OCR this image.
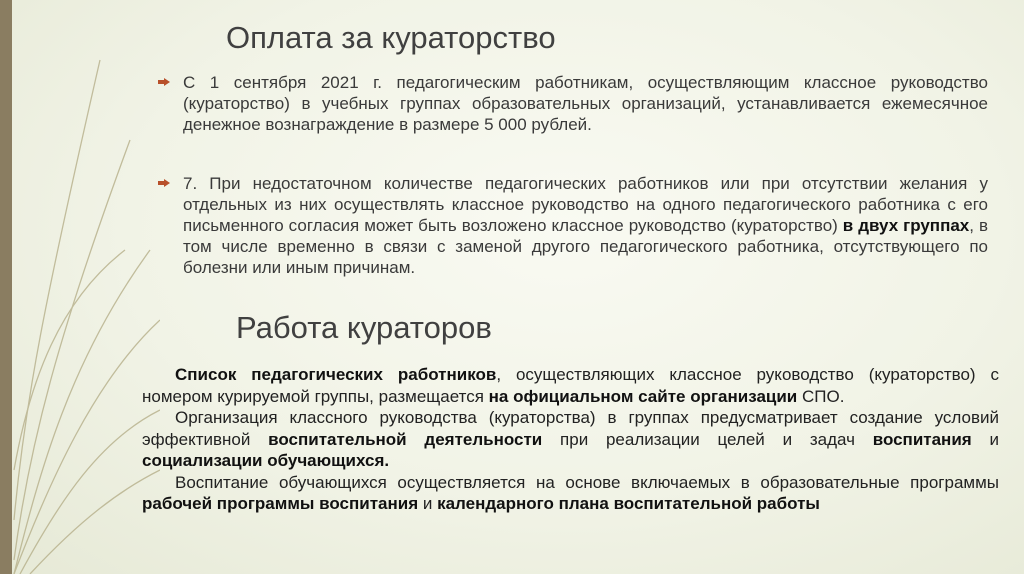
Оплата за кураторство
С 1 сентября 2021 г. педагогическим работникам, осуществляющим классное руководство (кураторство) в учебных группах образовательных организаций, устанавливается ежемесячное денежное вознаграждение в размере 5 000 рублей.
7. При недостаточном количестве педагогических работников или при отсутствии желания у отдельных из них осуществлять классное руководство на одного педагогического работника с его письменного согласия может быть возложено классное руководство (кураторство) в двух группах, в том числе временно в связи с заменой другого педагогического работника, отсутствующего по болезни или иным причинам.
Работа кураторов

Список педагогических работников, осуществляющих классное руководство (кураторство) с номером курируемой группы, размещается на официальном сайте организации СПО.

Организация классного руководства (кураторства) в группах предусматривает создание условий эффективной воспитательной деятельности при реализации целей и задач воспитания и социализации обучающихся.

Воспитание обучающихся осуществляется на основе включаемых в образовательные программы рабочей программы воспитания и календарного плана воспитательной работы
